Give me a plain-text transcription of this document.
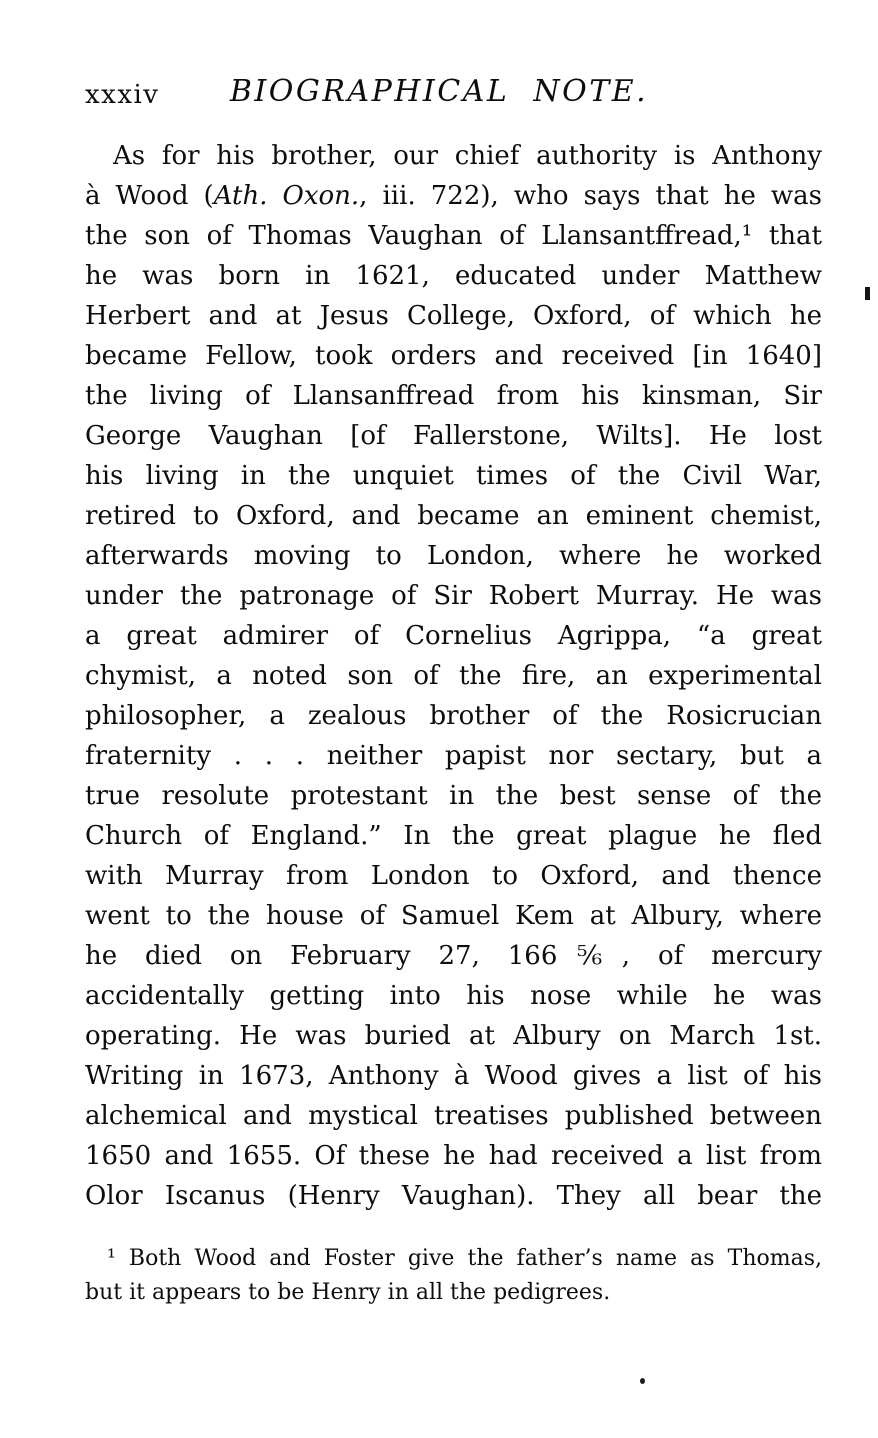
xxxiv BIOGRAPHICAL NOTE.
As for his brother, our chief authority is Anthony
à Wood (Ath. Oxon., iii. 722), who says that he was
the son of Thomas Vaughan of Llansantffread,¹ that
he was born in 1621, educated under Matthew
Herbert and at Jesus College, Oxford, of which he
became Fellow, took orders and received [in 1640]
the living of Llansanffread from his kinsman, Sir
George Vaughan [of Fallerstone, Wilts]. He lost
his living in the unquiet times of the Civil War,
retired to Oxford, and became an eminent chemist,
afterwards moving to London, where he worked
under the patronage of Sir Robert Murray. He was
a great admirer of Cornelius Agrippa, “a great
chymist, a noted son of the fire, an experimental
philosopher, a zealous brother of the Rosicrucian
fraternity . . . neither papist nor sectary, but a
true resolute protestant in the best sense of the
Church of England.” In the great plague he fled
with Murray from London to Oxford, and thence
went to the house of Samuel Kem at Albury, where
he died on February 27, 166⅚, of mercury
accidentally getting into his nose while he was
operating. He was buried at Albury on March 1st.
Writing in 1673, Anthony à Wood gives a list of his
alchemical and mystical treatises published between
1650 and 1655. Of these he had received a list from
Olor Iscanus (Henry Vaughan). They all bear the
¹ Both Wood and Foster give the father’s name as Thomas,
but it appears to be Henry in all the pedigrees.
